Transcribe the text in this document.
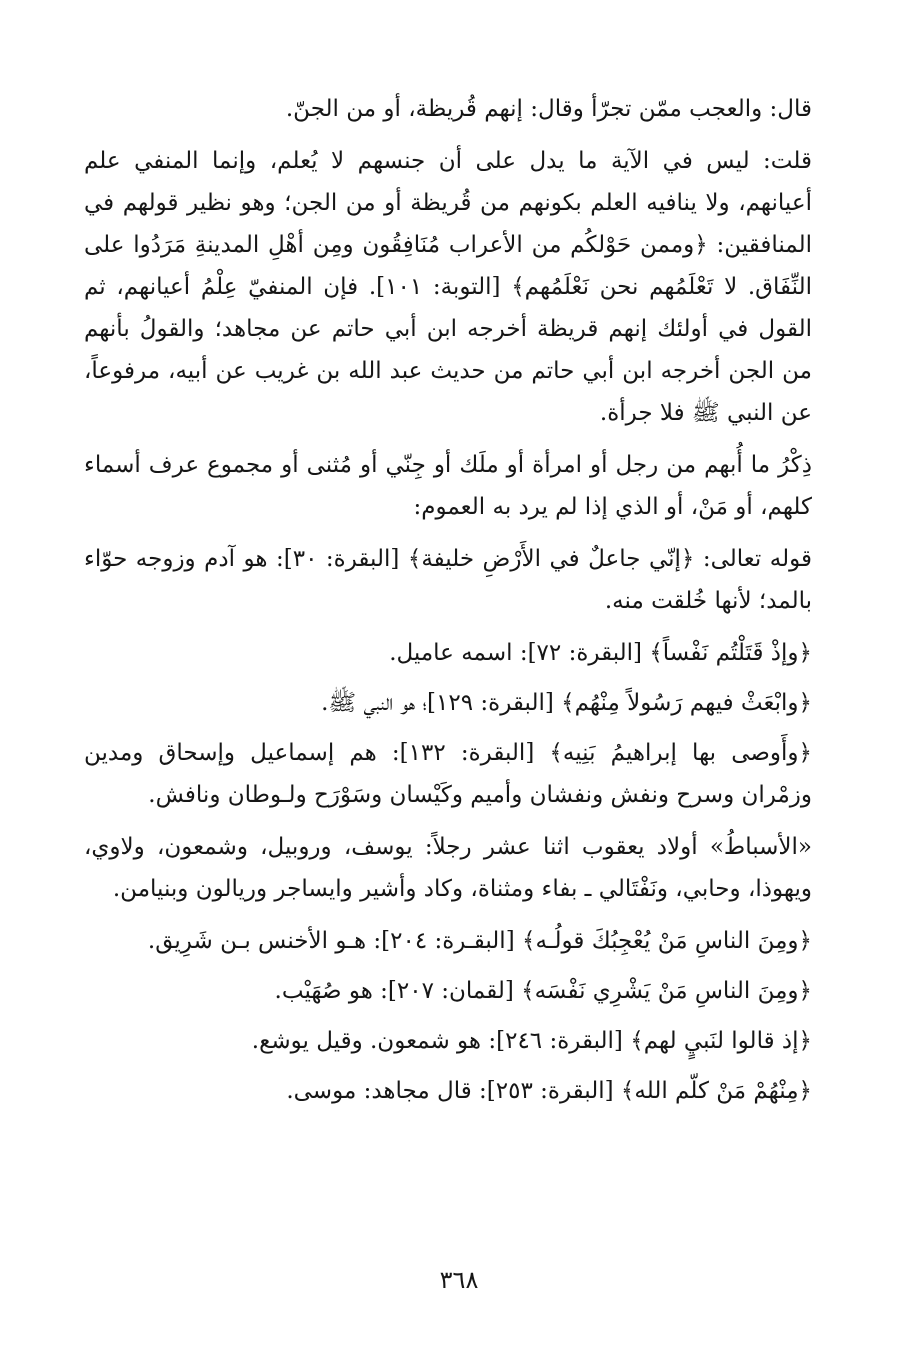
قال: والعجب ممّن تجرّأ وقال: إنهم قُريظة، أو من الجنّ.

قلت: ليس في الآية ما يدل على أن جنسهم لا يُعلم، وإنما المنفي علم أعيانهم، ولا ينافيه العلم بكونهم من قُريظة أو من الجن؛ وهو نظير قولهم في المنافقين: ﴿وممن حَوْلكُم من الأعراب مُنَافِقُون ومِن أهْلِ المدينةِ مَرَدُوا على النِّفَاق. لا تَعْلَمُهم نحن نَعْلَمُهم﴾ [التوبة: ١٠١]. فإن المنفيّ عِلْمُ أعيانهم، ثم القول في أولئك إنهم قريظة أخرجه ابن أبي حاتم عن مجاهد؛ والقولُ بأنهم من الجن أخرجه ابن أبي حاتم من حديث عبد الله بن غريب عن أبيه، مرفوعاً، عن النبي ﷺ فلا جرأة.

ذِكْرُ ما أُبهم من رجل أو امرأة أو ملَك أو جِنّي أو مُثنى أو مجموع عرف أسماء كلهم، أو مَنْ، أو الذي إذا لم يرد به العموم:

قوله تعالى: ﴿إنّي جاعلٌ في الأَرْضِ خليفة﴾ [البقرة: ٣٠]: هو آدم وزوجه حوّاء بالمد؛ لأنها خُلقت منه.

﴿وإذْ قَتَلْتُم نَفْساً﴾ [البقرة: ٧٢]: اسمه عاميل.

﴿وابْعَثْ فيهم رَسُولاً مِنْهُم﴾ [البقرة: ١٢٩]؛ هو النبي ﷺ.

﴿وأَوصى بها إبراهيمُ بَنِيه﴾ [البقرة: ١٣٢]: هم إسماعيل وإسحاق ومدين وزمْران وسرح ونفش ونفشان وأميم وكَيْسان وسَوْرَح ولـوطان ونافش.

«الأسباطُ» أولاد يعقوب اثنا عشر رجلاً: يوسف، وروبيل، وشمعون، ولاوي، ويهوذا، وحابي، ونَفْتَالي ـ بفاء ومثناة، وكاد وأشير وايساجر وريالون وبنيامن.

﴿ومِنَ الناسِ مَنْ يُعْجِبُكَ قولُـه﴾ [البقـرة: ٢٠٤]: هـو الأخنس بـن شَرِيق.

﴿ومِنَ الناسِ مَنْ يَشْرِي نَفْسَه﴾ [لقمان: ٢٠٧]: هو صُهَيْب.

﴿إذ قالوا لنَبيٍ لهم﴾ [البقرة: ٢٤٦]: هو شمعون. وقيل يوشع.

﴿مِنْهُمْ مَنْ كلّم الله﴾ [البقرة: ٢٥٣]: قال مجاهد: موسى.

٣٦٨
